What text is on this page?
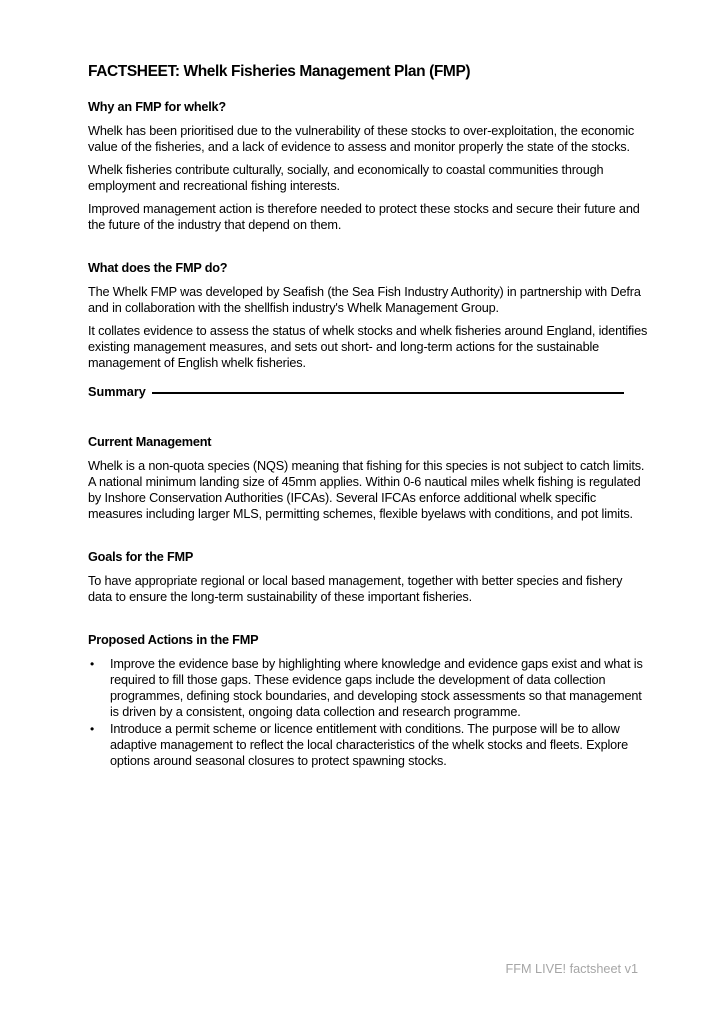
FACTSHEET: Whelk Fisheries Management Plan (FMP)
Why an FMP for whelk?

Whelk has been prioritised due to the vulnerability of these stocks to over-exploitation, the economic value of the fisheries, and a lack of evidence to assess and monitor properly the state of the stocks.

Whelk fisheries contribute culturally, socially, and economically to coastal communities through employment and recreational fishing interests.

Improved management action is therefore needed to protect these stocks and secure their future and the future of the industry that depend on them.

What does the FMP do?

The Whelk FMP was developed by Seafish (the Sea Fish Industry Authority) in partnership with Defra and in collaboration with the shellfish industry's Whelk Management Group.

It collates evidence to assess the status of whelk stocks and whelk fisheries around England, identifies existing management measures, and sets out short- and long-term actions for the sustainable management of English whelk fisheries.

Summary
Current Management

Whelk is a non-quota species (NQS) meaning that fishing for this species is not subject to catch limits. A national minimum landing size of 45mm applies. Within 0-6 nautical miles whelk fishing is regulated by Inshore Conservation Authorities (IFCAs). Several IFCAs enforce additional whelk specific measures including larger MLS, permitting schemes, flexible byelaws with conditions, and pot limits.

Goals for the FMP

To have appropriate regional or local based management, together with better species and fishery data to ensure the long-term sustainability of these important fisheries.

Proposed Actions in the FMP
• Improve the evidence base by highlighting where knowledge and evidence gaps exist and what is required to fill those gaps. These evidence gaps include the development of data collection programmes, defining stock boundaries, and developing stock assessments so that management is driven by a consistent, ongoing data collection and research programme.
• Introduce a permit scheme or licence entitlement with conditions. The purpose will be to allow adaptive management to reflect the local characteristics of the whelk stocks and fleets. Explore options around seasonal closures to protect spawning stocks.
FFM LIVE! factsheet v1
